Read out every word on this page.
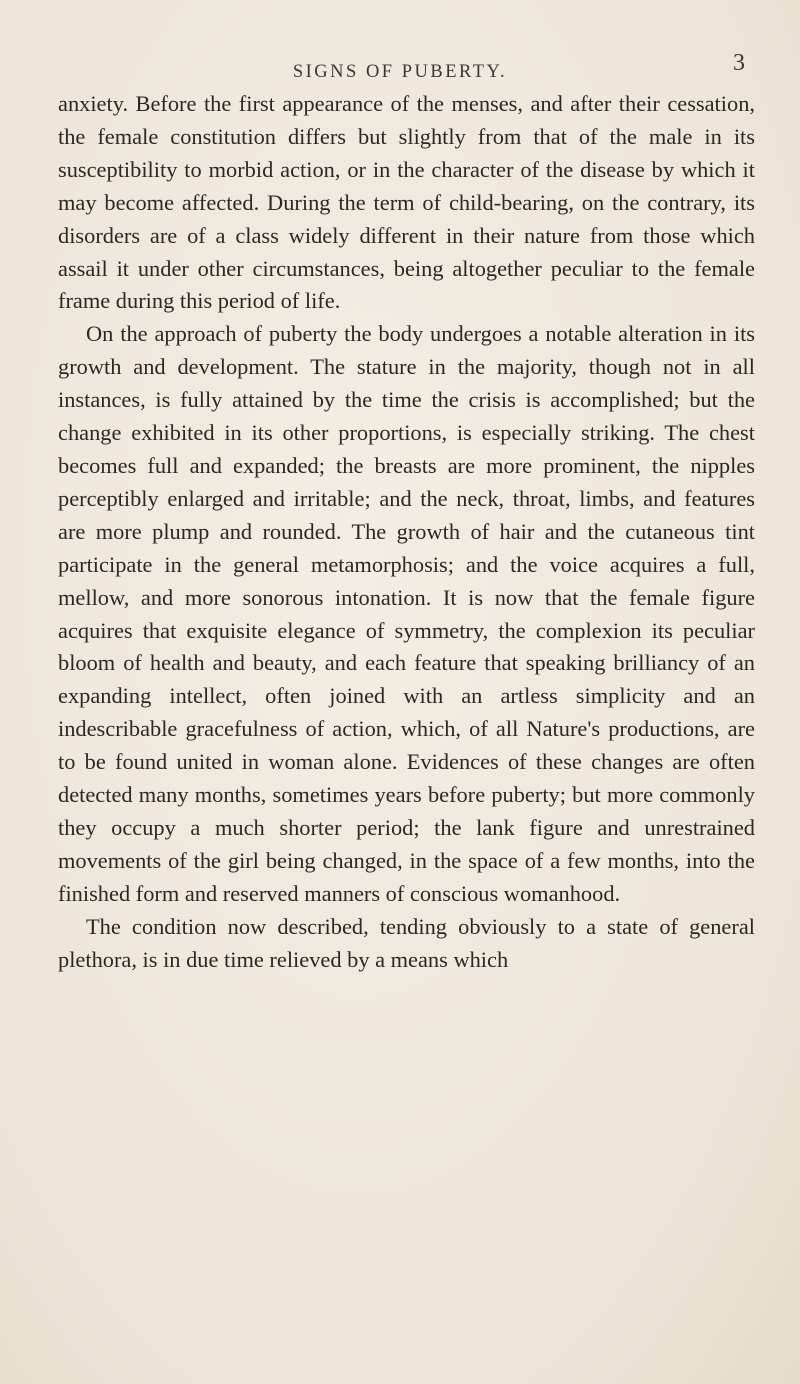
SIGNS OF PUBERTY.	3

anxiety. Before the first appearance of the menses, and after their cessation, the female constitution differs but slightly from that of the male in its susceptibility to morbid action, or in the character of the disease by which it may become affected. During the term of child-bearing, on the contrary, its disorders are of a class widely different in their nature from those which assail it under other circumstances, being altogether peculiar to the female frame during this period of life.

On the approach of puberty the body undergoes a notable alteration in its growth and development. The stature in the majority, though not in all instances, is fully attained by the time the crisis is accomplished; but the change exhibited in its other proportions, is especially striking. The chest becomes full and expanded; the breasts are more prominent, the nipples perceptibly enlarged and irritable; and the neck, throat, limbs, and features are more plump and rounded. The growth of hair and the cutaneous tint participate in the general metamorphosis; and the voice acquires a full, mellow, and more sonorous intonation. It is now that the female figure acquires that exquisite elegance of symmetry, the complexion its peculiar bloom of health and beauty, and each feature that speaking brilliancy of an expanding intellect, often joined with an artless simplicity and an indescribable gracefulness of action, which, of all Nature's productions, are to be found united in woman alone. Evidences of these changes are often detected many months, sometimes years before puberty; but more commonly they occupy a much shorter period; the lank figure and unrestrained movements of the girl being changed, in the space of a few months, into the finished form and reserved manners of conscious womanhood.

The condition now described, tending obviously to a state of general plethora, is in due time relieved by a means which
